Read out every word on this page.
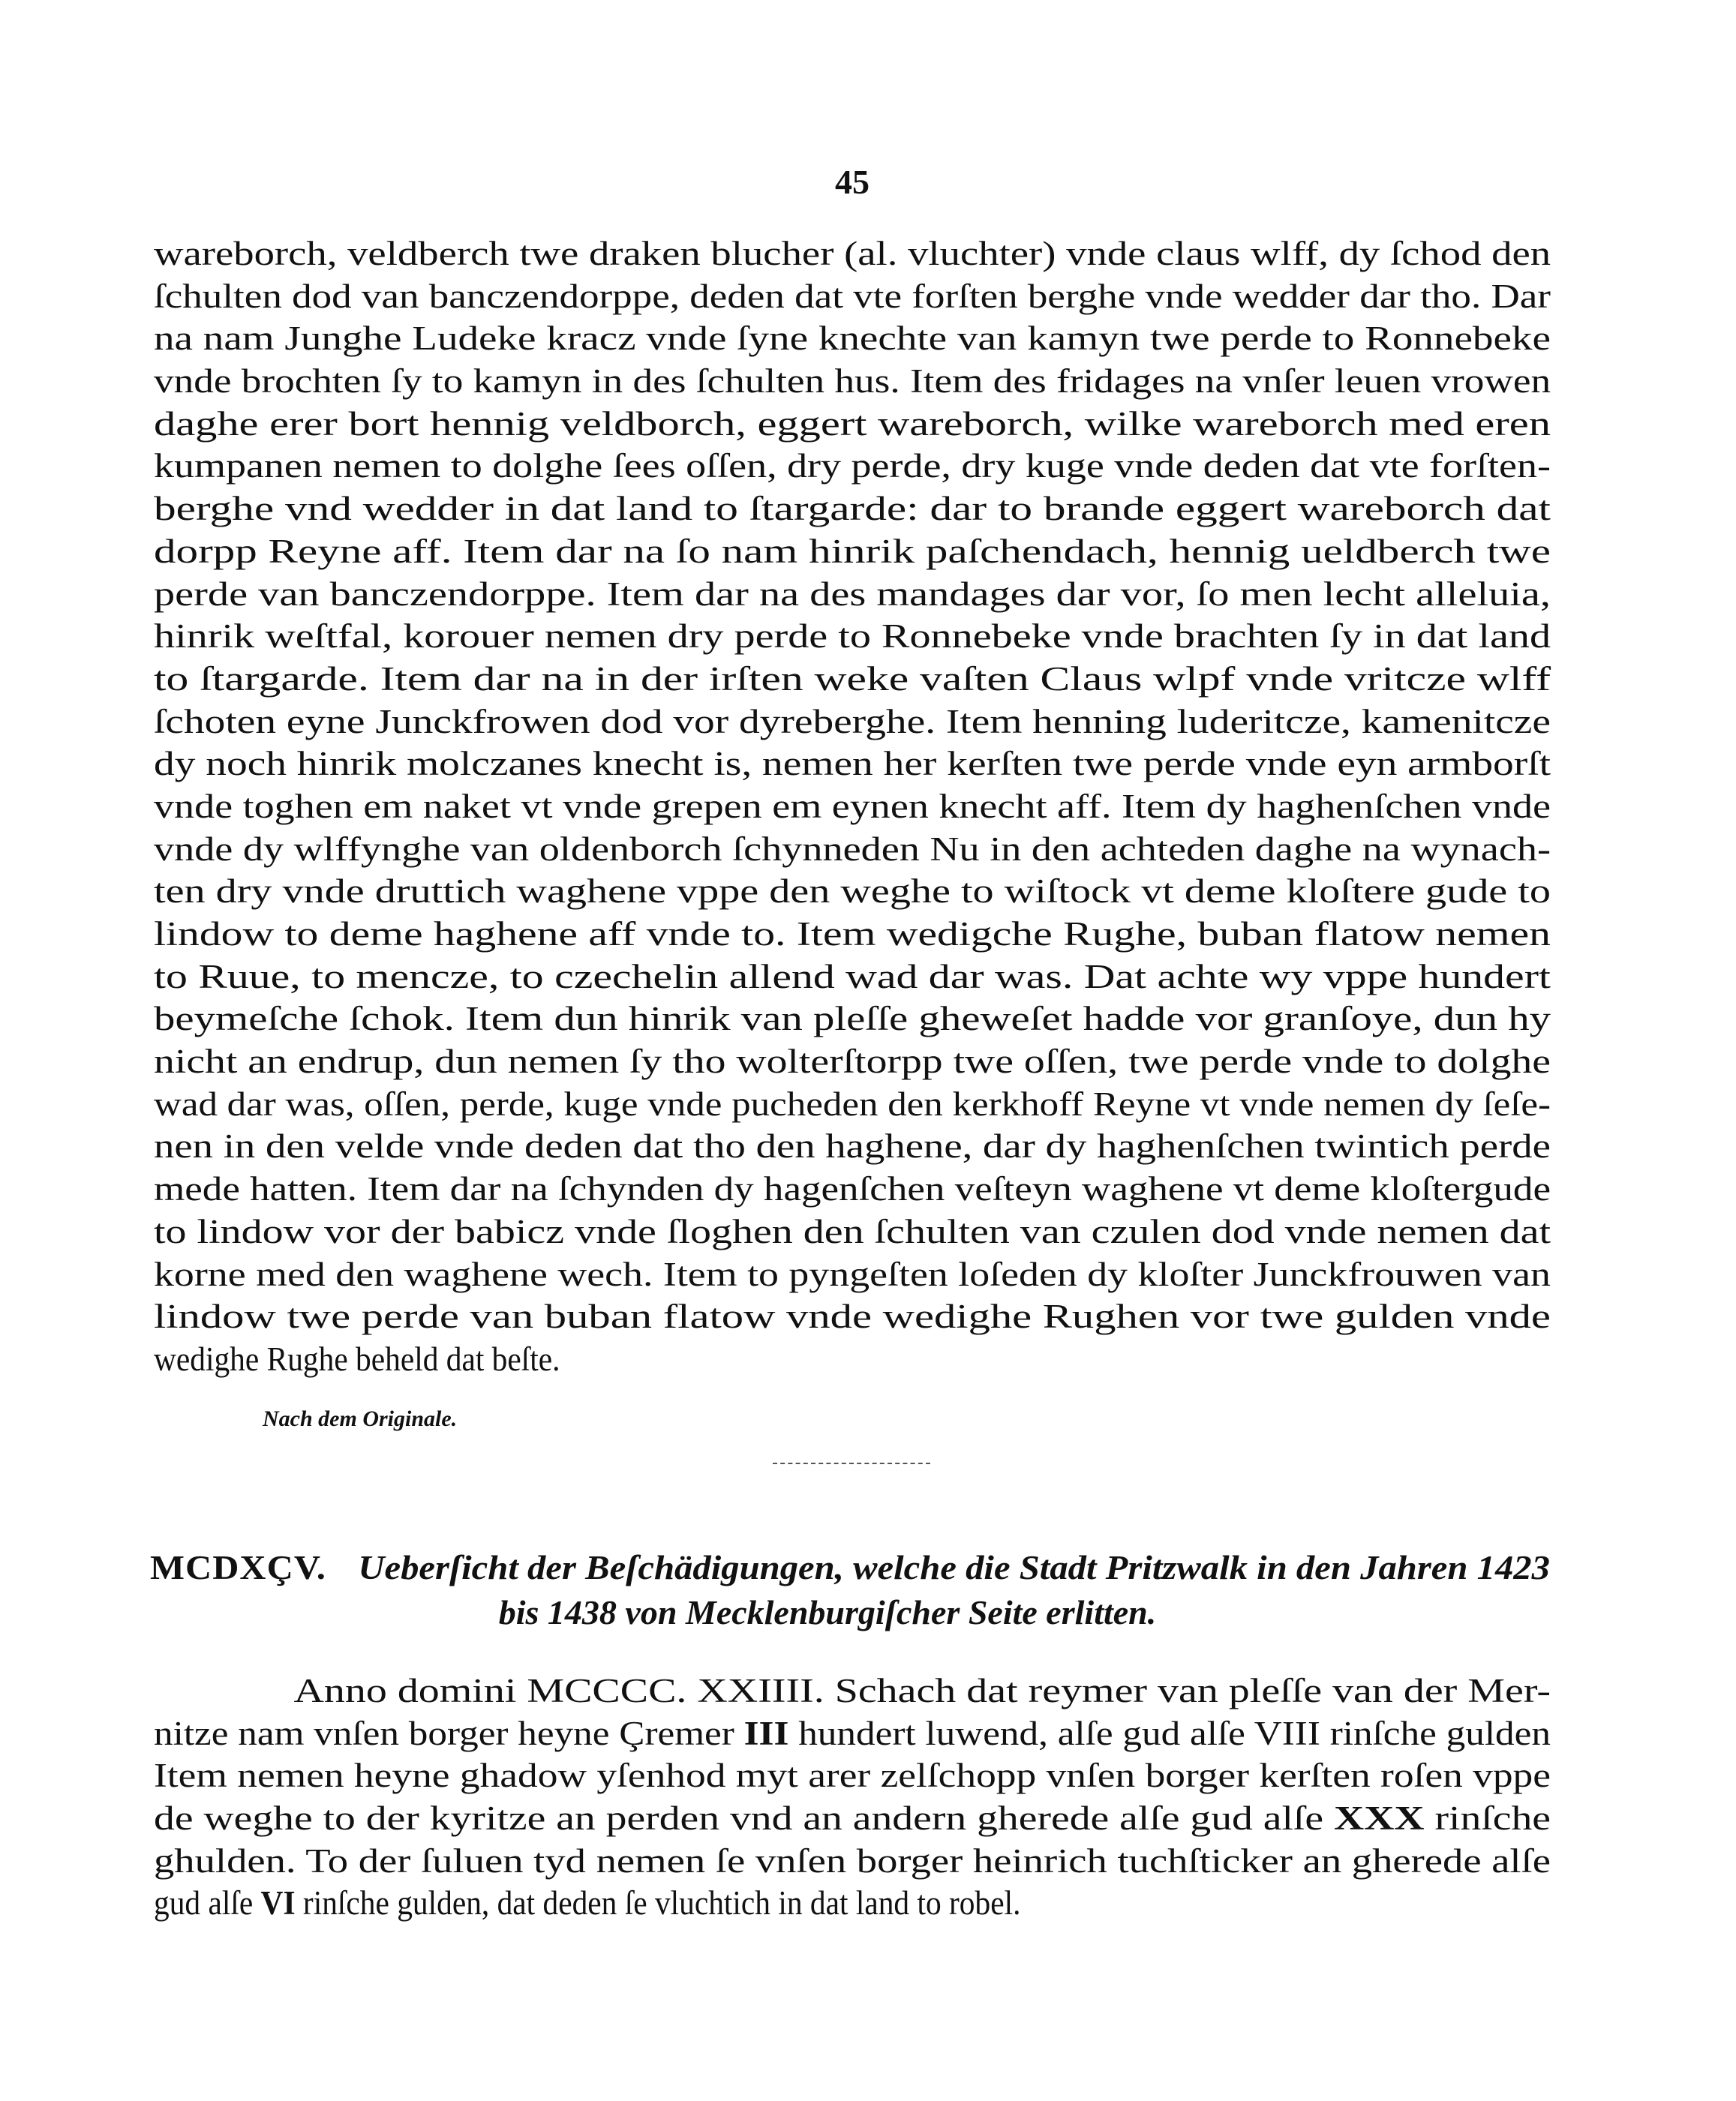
45
wareborch, veldberch twe draken blucher (al. vluchter) vnde claus wlff, dy ſchod den
ſchulten dod van banczendorppe, deden dat vte forſten berghe vnde wedder dar tho. Dar
na nam Junghe Ludeke kracz vnde ſyne knechte van kamyn twe perde to Ronnebeke
vnde brochten ſy to kamyn in des ſchulten hus. Item des fridages na vnſer leuen vrowen
daghe erer bort hennig veldborch, eggert wareborch, wilke wareborch med eren
kumpanen nemen to dolghe ſees oſſen, dry perde, dry kuge vnde deden dat vte forſten-
berghe vnd wedder in dat land to ſtargarde: dar to brande eggert wareborch dat
dorpp Reyne aff. Item dar na ſo nam hinrik paſchendach, hennig ueldberch twe
perde van banczendorppe. Item dar na des mandages dar vor, ſo men lecht alleluia,
hinrik weſtfal, korouer nemen dry perde to Ronnebeke vnde brachten ſy in dat land
to ſtargarde. Item dar na in der irſten weke vaſten Claus wlpf vnde vritcze wlff
ſchoten eyne Junckfrowen dod vor dyreberghe. Item henning luderitcze, kamenitcze
dy noch hinrik molczanes knecht is, nemen her kerſten twe perde vnde eyn armborſt
vnde toghen em naket vt vnde grepen em eynen knecht aff. Item dy haghenſchen vnde
vnde dy wlffynghe van oldenborch ſchynneden Nu in den achteden daghe na wynach-
ten dry vnde druttich waghene vppe den weghe to wiſtock vt deme kloſtere gude to
lindow to deme haghene aff vnde to. Item wedigche Rughe, buban flatow nemen
to Ruue, to mencze, to czechelin allend wad dar was. Dat achte wy vppe hundert
beymeſche ſchok. Item dun hinrik van pleſſe gheweſet hadde vor granſoye, dun hy
nicht an endrup, dun nemen ſy tho wolterſtorpp twe oſſen, twe perde vnde to dolghe
wad dar was, oſſen, perde, kuge vnde pucheden den kerkhoff Reyne vt vnde nemen dy ſeſe-
nen in den velde vnde deden dat tho den haghene, dar dy haghenſchen twintich perde
mede hatten. Item dar na ſchynden dy hagenſchen veſteyn waghene vt deme kloſtergude
to lindow vor der babicz vnde ſloghen den ſchulten van czulen dod vnde nemen dat
korne med den waghene wech. Item to pyngeſten loſeden dy kloſter Junckfrouwen van
lindow twe perde van buban flatow vnde wedighe Rughen vor twe gulden vnde
wedighe Rughe beheld dat beſte.
Nach dem Originale.
MCDXÇV. Ueberſicht der Beſchädigungen, welche die Stadt Pritzwalk in den Jahren 1423
bis 1438 von Mecklenburgiſcher Seite erlitten.
Anno domini MCCCC. XXIIII. Schach dat reymer van pleſſe van der Mer-
nitze nam vnſen borger heyne Çremer III hundert luwend, alſe gud alſe VIII rinſche gulden
Item nemen heyne ghadow yſenhod myt arer zelſchopp vnſen borger kerſten roſen vppe
de weghe to der kyritze an perden vnd an andern gherede alſe gud alſe XXX rinſche
ghulden. To der ſuluen tyd nemen ſe vnſen borger heinrich tuchſticker an gherede alſe
gud alſe VI rinſche gulden, dat deden ſe vluchtich in dat land to robel.
